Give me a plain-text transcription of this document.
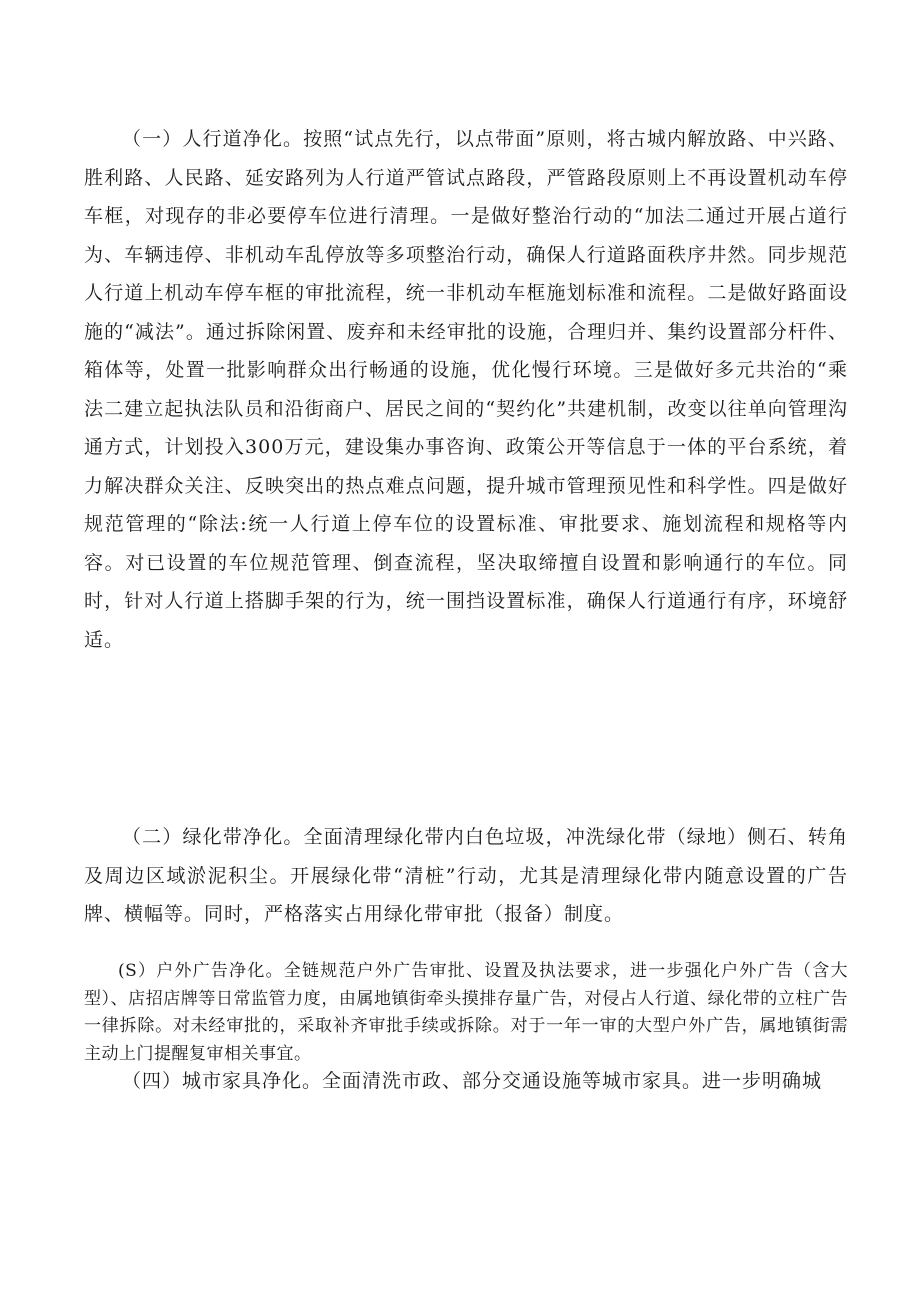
（一）人行道净化。按照“试点先行，以点带面”原则，将古城内解放路、中兴路、胜利路、人民路、延安路列为人行道严管试点路段，严管路段原则上不再设置机动车停车框，对现存的非必要停车位进行清理。一是做好整治行动的“加法二通过开展占道行为、车辆违停、非机动车乱停放等多项整治行动，确保人行道路面秩序井然。同步规范人行道上机动车停车框的审批流程，统一非机动车框施划标准和流程。二是做好路面设施的“减法”。通过拆除闲置、废弃和未经审批的设施，合理归并、集约设置部分杆件、箱体等，处置一批影响群众出行畅通的设施，优化慢行环境。三是做好多元共治的“乘法二建立起执法队员和沿街商户、居民之间的“契约化”共建机制，改变以往单向管理沟通方式，计划投入300万元，建设集办事咨询、政策公开等信息于一体的平台系统，着力解决群众关注、反映突出的热点难点问题，提升城市管理预见性和科学性。四是做好规范管理的“除法:统一人行道上停车位的设置标准、审批要求、施划流程和规格等内容。对已设置的车位规范管理、倒查流程，坚决取缔擅自设置和影响通行的车位。同时，针对人行道上搭脚手架的行为，统一围挡设置标准，确保人行道通行有序，环境舒适。

（二）绿化带净化。全面清理绿化带内白色垃圾，冲洗绿化带（绿地）侧石、转角及周边区域淤泥积尘。开展绿化带“清桩”行动，尤其是清理绿化带内随意设置的广告牌、横幅等。同时，严格落实占用绿化带审批（报备）制度。

(S）户外广告净化。全链规范户外广告审批、设置及执法要求，进一步强化户外广告（含大型）、店招店牌等日常监管力度，由属地镇街牵头摸排存量广告，对侵占人行道、绿化带的立柱广告一律拆除。对未经审批的，采取补齐审批手续或拆除。对于一年一审的大型户外广告，属地镇街需主动上门提醒复审相关事宜。

（四）城市家具净化。全面清洗市政、部分交通设施等城市家具。进一步明确城
